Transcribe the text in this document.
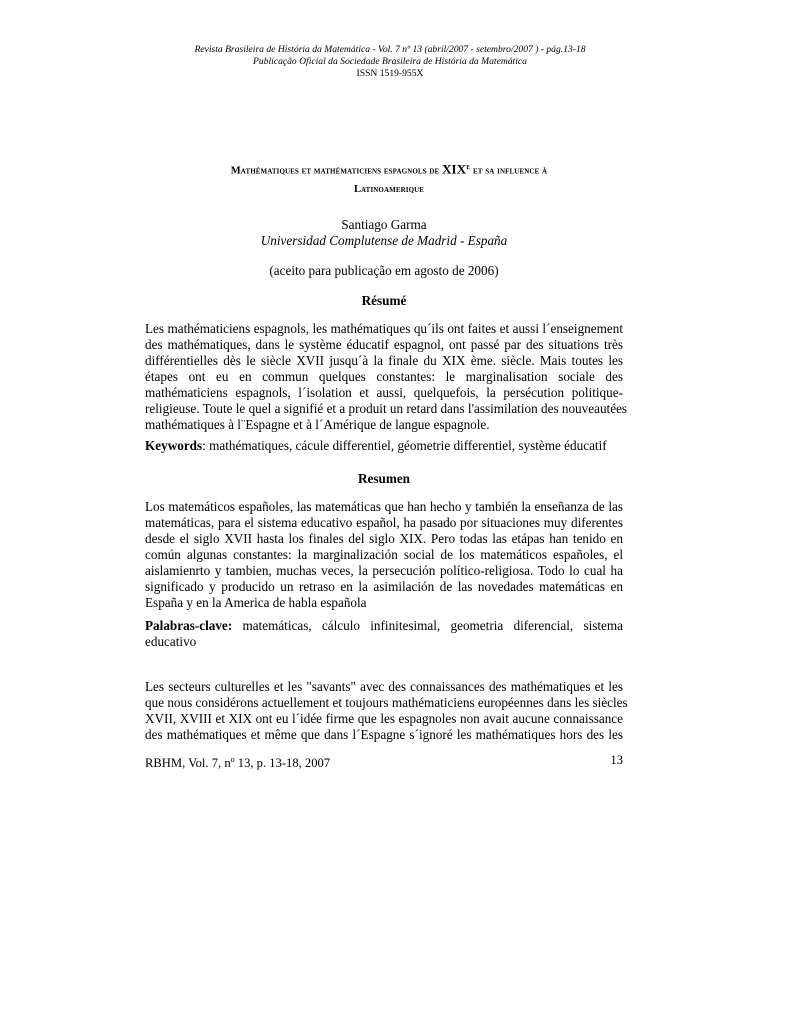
Revista Brasileira de História da Matemática - Vol. 7 nº 13 (abril/2007 - setembro/2007 ) - pág.13-18
Publicação Oficial da Sociedade Brasileira de História da Matemática
ISSN 1519-955X
Mathématiques et mathématiciens espagnols de XIXe et sa influence à
Latinoamerique
Santiago Garma
Universidad Complutense de Madrid - España
(aceito para publicação em agosto de 2006)
Résumé
Les mathématiciens espagnols, les mathématiques qu´ils ont faites et aussi l´enseignement
des mathématiques, dans le système éducatif espagnol, ont passé par des situations très
différentielles dès le siècle XVII jusqu´à la finale du XIX ème. siècle. Mais toutes les
étapes ont eu en commun quelques constantes: le marginalisation sociale des
mathématiciens espagnols, l´isolation et aussi, quelquefois, la persécution politique-
religieuse. Toute le quel a signifié et a produit un retard dans l'assimilation des nouveautées
mathématiques à l¨Espagne et à l´Amérique de langue espagnole.
Keywords: mathématiques, cácule differentiel, géometrie differentiel, système éducatif
Resumen
Los matemáticos españoles, las matemáticas que han hecho y también la enseñanza de las
matemáticas, para el sistema educativo español, ha pasado por situaciones muy diferentes
desde el siglo XVII hasta los finales del siglo XIX. Pero todas las etápas han tenido en
común algunas constantes: la marginalización social de los matemáticos españoles, el
aislamienrto y tambien, muchas veces, la persecución político-religiosa. Todo lo cual ha
significado y producido un retraso en la asimilación de las novedades matemáticas en
España y en la America de habla española
Palabras-clave: matemáticas, cálculo infinitesimal, geometria diferencial, sistema
educativo
Les secteurs culturelles et les "savants" avec des connaissances des mathématiques et les
que nous considérons actuellement et toujours mathématiciens européennes dans les siècles
XVII, XVIII et XIX ont eu l´idée firme que les espagnoles non avait aucune connaissance
des mathématiques et même que dans l´Espagne s´ignoré les mathématiques hors des les
RBHM, Vol. 7, $n^o$ 13, p. 13-18, 2007	13
